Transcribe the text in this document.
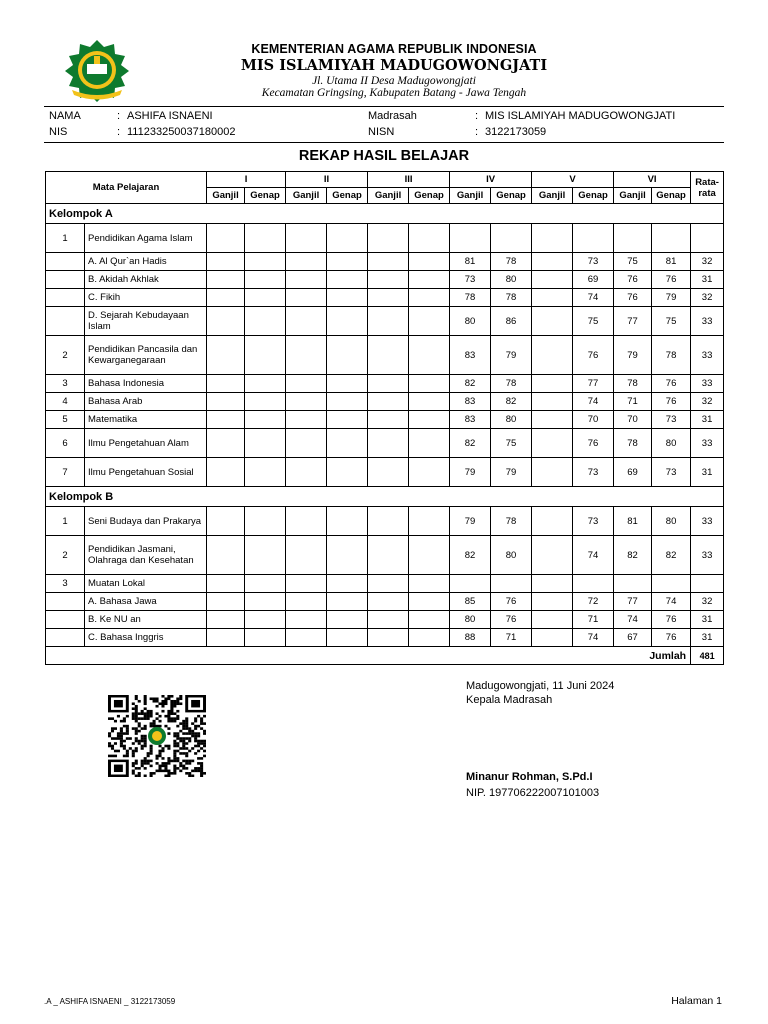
KEMENTERIAN AGAMA REPUBLIK INDONESIA
MIS ISLAMIYAH MADUGOWONGJATI
Jl. Utama II Desa Madugowongjati
Kecamatan Gringsing, Kabupaten Batang - Jawa Tengah
NAMA	: ASHIFA ISNAENI
NIS	: 111233250037180002
Madrasah	: MIS ISLAMIYAH MADUGOWONGJATI
NISN	: 3122173059
REKAP HASIL BELAJAR
Mata Pelajaran		I		II		III		IV		V		VI		Rata-rata
		Ganjil	Genap	Ganjil	Genap	Ganjil	Genap	Ganjil	Genap	Ganjil	Genap	Ganjil	Genap	
Kelompok A														
1	Pendidikan Agama Islam													
	A. Al Qur`an Hadis							81	78		73	75	81	32
	B. Akidah Akhlak							73	80		69	76	76	31
	C. Fikih							78	78		74	76	79	32
	D. Sejarah Kebudayaan Islam							80	86		75	77	75	33
2	Pendidikan Pancasila dan Kewarganegaraan							83	79		76	79	78	33
3	Bahasa Indonesia							82	78		77	78	76	33
4	Bahasa Arab							83	82		74	71	76	32
5	Matematika							83	80		70	70	73	31
6	Ilmu Pengetahuan Alam							82	75		76	78	80	33
7	Ilmu Pengetahuan Sosial							79	79		73	69	73	31
Kelompok B														
1	Seni Budaya dan Prakarya							79	78		73	81	80	33
2	Pendidikan Jasmani, Olahraga dan Kesehatan							82	80		74	82	82	33
3	Muatan Lokal													
	A. Bahasa Jawa							85	76		72	77	74	32
	B. Ke NU an							80	76		71	74	76	31
	C. Bahasa Inggris							88	71		74	67	76	31
Jumlah														481
Madugowongjati, 11 Juni 2024
Kepala Madrasah
Minanur Rohman, S.Pd.I
NIP. 197706222007101003
.A _ ASHIFA ISNAENI _ 3122173059	Halaman 1
